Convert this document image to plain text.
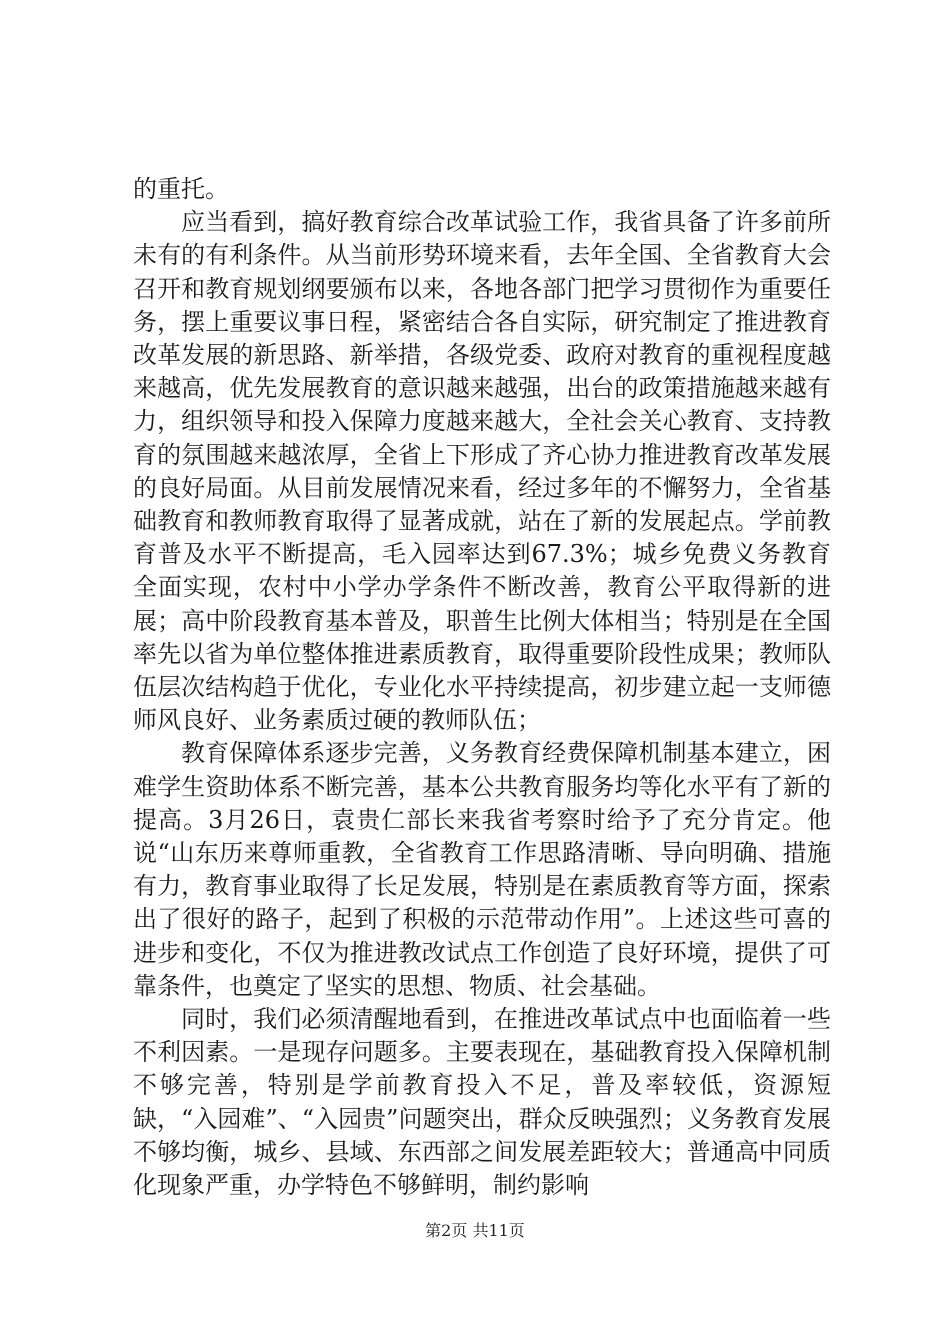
的重托。

应当看到，搞好教育综合改革试验工作，我省具备了许多前所未有的有利条件。从当前形势环境来看，去年全国、全省教育大会召开和教育规划纲要颁布以来，各地各部门把学习贯彻作为重要任务，摆上重要议事日程，紧密结合各自实际，研究制定了推进教育改革发展的新思路、新举措，各级党委、政府对教育的重视程度越来越高，优先发展教育的意识越来越强，出台的政策措施越来越有力，组织领导和投入保障力度越来越大，全社会关心教育、支持教育的氛围越来越浓厚，全省上下形成了齐心协力推进教育改革发展的良好局面。从目前发展情况来看，经过多年的不懈努力，全省基础教育和教师教育取得了显著成就，站在了新的发展起点。学前教育普及水平不断提高，毛入园率达到67.3%；城乡免费义务教育全面实现，农村中小学办学条件不断改善，教育公平取得新的进展；高中阶段教育基本普及，职普生比例大体相当；特别是在全国率先以省为单位整体推进素质教育，取得重要阶段性成果；教师队伍层次结构趋于优化，专业化水平持续提高，初步建立起一支师德师风良好、业务素质过硬的教师队伍；

教育保障体系逐步完善，义务教育经费保障机制基本建立，困难学生资助体系不断完善，基本公共教育服务均等化水平有了新的提高。3月26日，袁贵仁部长来我省考察时给予了充分肯定。他说“山东历来尊师重教，全省教育工作思路清晰、导向明确、措施有力，教育事业取得了长足发展，特别是在素质教育等方面，探索出了很好的路子，起到了积极的示范带动作用”。上述这些可喜的进步和变化，不仅为推进教改试点工作创造了良好环境，提供了可靠条件，也奠定了坚实的思想、物质、社会基础。

同时，我们必须清醒地看到，在推进改革试点中也面临着一些不利因素。一是现存问题多。主要表现在，基础教育投入保障机制不够完善，特别是学前教育投入不足，普及率较低，资源短缺，“入园难”、“入园贵”问题突出，群众反映强烈；义务教育发展不够均衡，城乡、县域、东西部之间发展差距较大；普通高中同质化现象严重，办学特色不够鲜明，制约影响

第2页 共11页
